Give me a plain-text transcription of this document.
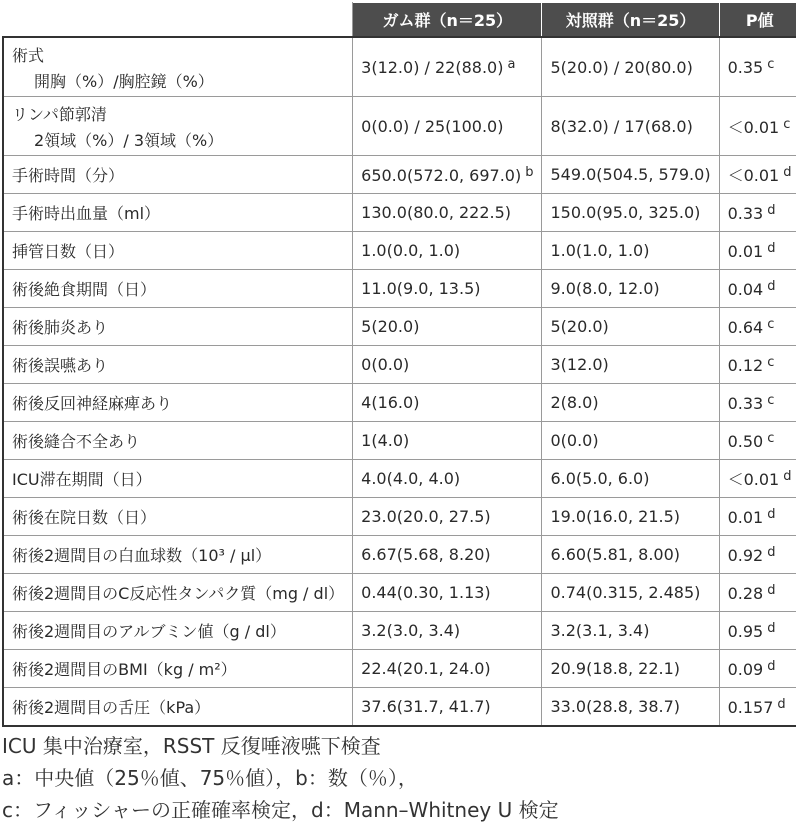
	ガム群（n＝25）	対照群（n＝25）	P値
術式
開胸（%）/胸腔鏡（%）	3(12.0) / 22(88.0) a	5(20.0) / 20(80.0)	0.35 c
リンパ節郭清
2領域（%）/ 3領域（%）	0(0.0) / 25(100.0)	8(32.0) / 17(68.0)	＜0.01 c
手術時間（分）	650.0(572.0, 697.0) b	549.0(504.5, 579.0)	＜0.01 d
手術時出血量（ml）	130.0(80.0, 222.5)	150.0(95.0, 325.0)	0.33 d
挿管日数（日）	1.0(0.0, 1.0)	1.0(1.0, 1.0)	0.01 d
術後絶食期間（日）	11.0(9.0, 13.5)	9.0(8.0, 12.0)	0.04 d
術後肺炎あり	5(20.0)	5(20.0)	0.64 c
術後誤嚥あり	0(0.0)	3(12.0)	0.12 c
術後反回神経麻痺あり	4(16.0)	2(8.0)	0.33 c
術後縫合不全あり	1(4.0)	0(0.0)	0.50 c
ICU滞在期間（日）	4.0(4.0, 4.0)	6.0(5.0, 6.0)	＜0.01 d
術後在院日数（日）	23.0(20.0, 27.5)	19.0(16.0, 21.5)	0.01 d
術後2週間目の白血球数（10³ / μl）	6.67(5.68, 8.20)	6.60(5.81, 8.00)	0.92 d
術後2週間目のC反応性タンパク質（mg / dl）	0.44(0.30, 1.13)	0.74(0.315, 2.485)	0.28 d
術後2週間目のアルブミン値（g / dl）	3.2(3.0, 3.4)	3.2(3.1, 3.4)	0.95 d
術後2週間目のBMI（kg / m²）	22.4(20.1, 24.0)	20.9(18.8, 22.1)	0.09 d
術後2週間目の舌圧（kPa）	37.6(31.7, 41.7)	33.0(28.8, 38.7)	0.157 d
ICU 集中治療室，RSST 反復唾液嚥下検査
a：中央値（25％値、75％値），b：数（％），
c：フィッシャーの正確確率検定，d：Mann–Whitney U 検定
